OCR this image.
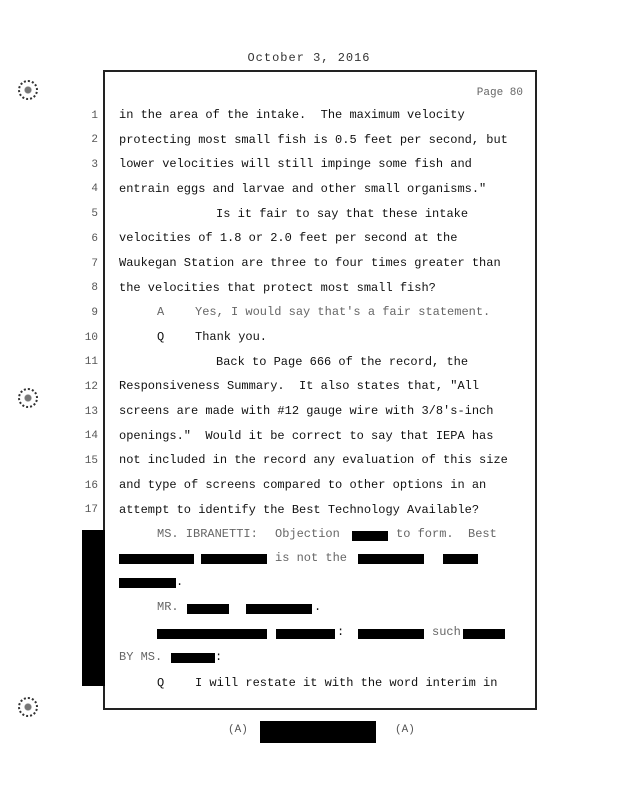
October 3, 2016
Page 80
1 in the area of the intake.  The maximum velocity
2 protecting most small fish is 0.5 feet per second, but
3 lower velocities will still impinge some fish and
4 entrain eggs and larvae and other small organisms."
5	Is it fair to say that these intake
6 velocities of 1.8 or 2.0 feet per second at the
7 Waukegan Station are three to four times greater than
8 the velocities that protect most small fish?
9	A	Yes, I would say that's a fair statement.
10	Q	Thank you.
11	Back to Page 666 of the record, the
12 Responsiveness Summary.  It also states that, "All
13 screens are made with #12 gauge wire with 3/8's-inch
14 openings."  Would it be correct to say that IEPA has
15 not included in the record any evaluation of this size
16 and type of screens compared to other options in an
17 attempt to identify the Best Technology Available?
MS. IBRANETTI: Objection	to form.  Best
is not the
.
MR.	.
:	such
BY MS.	:
Q	I will restate it with the word interim in
(A)	(A)
